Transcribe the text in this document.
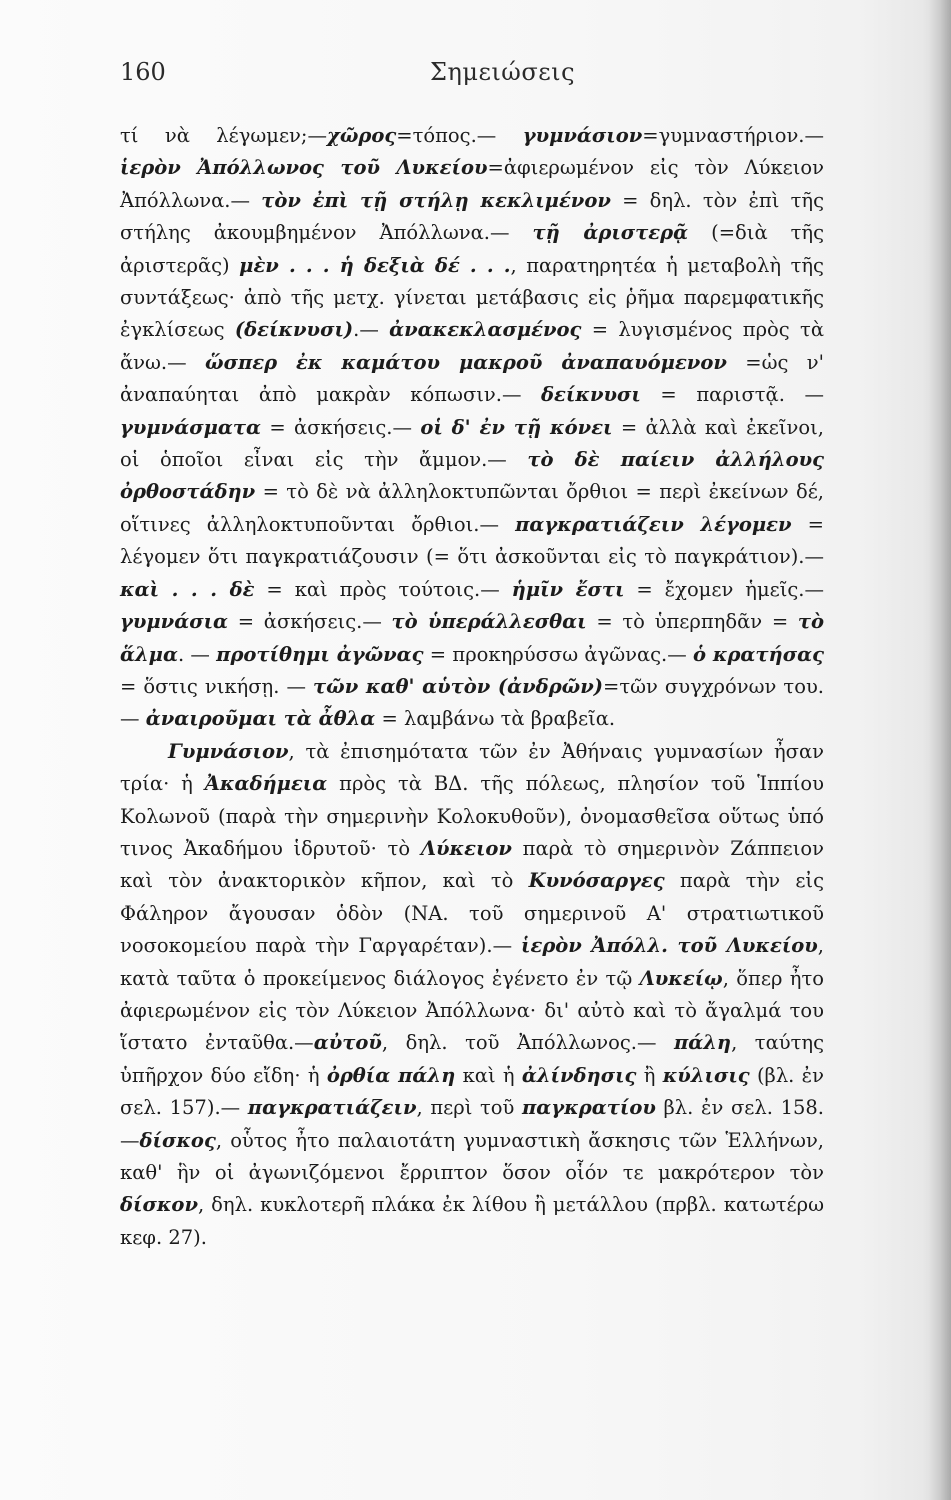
160	Σημειώσεις

τί νὰ λέγωμεν;—χῶρος=τόπος.— γυμνάσιον=γυμναστήριον.— ἱερὸν Ἀπόλλωνος τοῦ Λυκείου=ἀφιερωμένον εἰς τὸν Λύκειον Ἀπόλλωνα.— τὸν ἐπὶ τῇ στήλῃ κεκλιμένον = δηλ. τὸν ἐπὶ τῆς στήλης ἀκουμβημένον Ἀπόλλωνα.— τῇ ἀριστερᾷ (=διὰ τῆς ἀριστερᾶς) μὲν . . . ἡ δεξιὰ δέ . . ., παρατηρητέα ἡ μεταβολὴ τῆς συντάξεως· ἀπὸ τῆς μετχ. γίνεται μετάβασις εἰς ῥῆμα παρεμφατικῆς ἐγκλίσεως (δείκνυσι).— ἀνακεκλασμένος = λυγισμένος πρὸς τὰ ἄνω.— ὥσπερ ἐκ καμάτου μακροῦ ἀναπαυόμενον =ὡς ν' ἀναπαύηται ἀπὸ μακρὰν κόπωσιν.— δείκνυσι = παριστᾷ. — γυμνάσματα = ἀσκήσεις.— οἱ δ' ἐν τῇ κόνει = ἀλλὰ καὶ ἐκεῖνοι, οἱ ὁποῖοι εἶναι εἰς τὴν ἄμμον.— τὸ δὲ παίειν ἀλλήλους ὀρθοστάδην = τὸ δὲ νὰ ἀλληλοκτυπῶνται ὄρθιοι = περὶ ἐκείνων δέ, οἵτινες ἀλληλοκτυποῦνται ὄρθιοι.— παγκρατιάζειν λέγομεν = λέγομεν ὅτι παγκρατιάζουσιν (= ὅτι ἀσκοῦνται εἰς τὸ παγκράτιον).— καὶ . . . δὲ = καὶ πρὸς τούτοις.— ἡμῖν ἔστι = ἔχομεν ἡμεῖς.— γυμνάσια = ἀσκήσεις.— τὸ ὑπεράλλεσθαι = τὸ ὑπερπηδᾶν = τὸ ἅλμα. — προτίθημι ἀγῶνας = προκηρύσσω ἀγῶνας.— ὁ κρατήσας = ὅστις νικήσῃ. — τῶν καθ' αὑτὸν (ἀνδρῶν)=τῶν συγχρόνων του.— ἀναιροῦμαι τὰ ἆθλα = λαμβάνω τὰ βραβεῖα.

Γυμνάσιον, τὰ ἐπισημότατα τῶν ἐν Ἀθήναις γυμνασίων ἦσαν τρία· ἡ Ἀκαδήμεια πρὸς τὰ ΒΔ. τῆς πόλεως, πλησίον τοῦ Ἱππίου Κολωνοῦ (παρὰ τὴν σημερινὴν Κολοκυθοῦν), ὀνομασθεῖσα οὕτως ὑπό τινος Ἀκαδήμου ἱδρυτοῦ· τὸ Λύκειον παρὰ τὸ σημερινὸν Ζάππειον καὶ τὸν ἀνακτορικὸν κῆπον, καὶ τὸ Κυνόσαργες παρὰ τὴν εἰς Φάληρον ἄγουσαν ὁδὸν (ΝΑ. τοῦ σημερινοῦ Α' στρατιωτικοῦ νοσοκομείου παρὰ τὴν Γαργαρέταν).— ἱερὸν Ἀπόλλ. τοῦ Λυκείου, κατὰ ταῦτα ὁ προκείμενος διάλογος ἐγένετο ἐν τῷ Λυκείῳ, ὅπερ ἦτο ἀφιερωμένον εἰς τὸν Λύκειον Ἀπόλλωνα· δι' αὐτὸ καὶ τὸ ἄγαλμά του ἵστατο ἐνταῦθα.—αὐτοῦ, δηλ. τοῦ Ἀπόλλωνος.— πάλη, ταύτης ὑπῆρχον δύο εἴδη· ἡ ὀρθία πάλη καὶ ἡ ἀλίνδησις ἢ κύλισις (βλ. ἐν σελ. 157).— παγκρατιάζειν, περὶ τοῦ παγκρατίου βλ. ἐν σελ. 158.—δίσκος, οὗτος ἦτο παλαιοτάτη γυμναστικὴ ἄσκησις τῶν Ἑλλήνων, καθ' ἣν οἱ ἀγωνιζόμενοι ἔρριπτον ὅσον οἷόν τε μακρότερον τὸν δίσκον, δηλ. κυκλοτερῆ πλάκα ἐκ λίθου ἢ μετάλλου (πρβλ. κατωτέρω κεφ. 27).
